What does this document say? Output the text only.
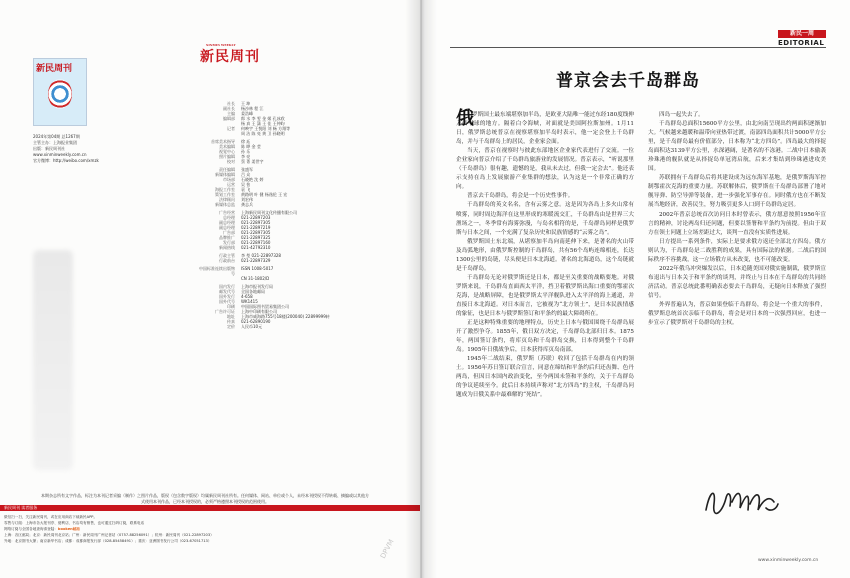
新民周刊
2024年第04期 总1267期
主管主办：上海报业集团
出版：新民周刊社
www.xinminweekly.com.cn
官方微博：http://weibo.com/xmzk
XINMIN WEEKLY
新民周刊
社长 王 坤
副社长 杨沙林 程 江
主编 姜浩峰
编辑部 郎 水 李 雯 金 姬 孔冰欣
杨 真 王 潇 王 佳 王仲昀
记者 何映宇 王悦阳 刘 畅 方翔等
周 洁 陈 亮 黄 卫 孙晓明
首席美术指导 徐 珏
美术编辑 陈 晔 金 莹
视觉中心 孙 乐
照片编辑 李 亮
校对 蔡 菁 姜世宇
责任编辑 张盛军
新媒体编辑 吕 众
市场部 石晓艳 沈 婷
运营 吴 怡
海报工作室 袁 飞
策划工作室 黄路明 叶 健 杨逸伦 王 宏
法律顾问 刘宏伟
新媒体总监 龚志兵
广告经营 上海新民周刊文化传播有限公司
总经理 021-22897203
副总经理 021-22897305
副总经理 021-22897219
广告部 021-22897305
品牌推广 021-22897325
发行部 021-22897160
新闻热线 021-42792310
行政主管 李 堃 021-22897328
行政前台 021-22897329
中国标准连续出版物号
ISSN 1008-5017
CN 31-1802/D
国内发行 上海市报刊发行局
邮发代号 全国各地邮局
国外发行 4-658
国外代号 WK1415
印刷 中国国际图书贸易集团公司
广告许可证 上海中印刷有限公司
地址 上海市威海路755号18楼(200040) 22899999转
传真 021-62890190
定价 人民币10元
本期杂志所有文字作品，标注为本刊记者采编（制作）之图片作品，版权（包含数字版权）均属新民周刊社所有。任何媒体、网站、单位或个人，未经本刊授权不得转载、摘编或以其他方式使用本刊作品，已经本刊授权的，必须严格遵照本刊授权的范围使用。
新民周刊 读者服务
微信扫一扫，关注新民周刊，或在应用商店下载新民APP。
零售与订阅：上海市各大报刊亭、便利店、书店均有销售，也可通过扫码订阅，联系电话
网络订阅与全国各地查询请登陆：booken邮局
上海：各区邮局；北京：新民周刊北京站；广州：新民周刊广州记者站（0757-88256091）；杭州：新民周刊（021-22897203）
外地：北京图书大厦；南京新华书店；成都：成都商报发行部（028-85458491）；重庆：亚洲图书发行公司（023-67051713）	DPVM
新民一周
EDITORIAL
普京会去千岛群岛
俄

罗斯国土最东端堪察加半岛，是欧亚大陆唯一能过东经180度线伸入西半球的地方。隔着白令海峡，对面就是美国阿拉斯加州。1月11日，俄罗斯总统普京在视察堪察加半岛时表示，他一定会登上千岛群岛，并与千岛群岛上的居民，企业家会面。

当天，普京在视察时与彼此东部地区企业家代表进行了交流。一位企业家向普京介绍了千岛群岛旅游业的发展情况。普京表示，“听说那里（千岛群岛）很有趣，遗憾的是，我从未去过，但我一定会去”。他还表示支持在岛上发展旅游产业集群的想法，认为这是一个非常正确的方向。

普京去千岛群岛，将会是一个历史性事件。

千岛群岛的英文名名，含有云雾之意。这是因为各岛上多火山常有喷雾，同时周边海洋在这里形成的寒暖流交汇，千岛群岛由是世界三大渔场之一，冬季常有海雾弥漫，与岛名相符的是，千岛群岛同样是俄罗斯与日本之间，一个充满了复杂历史和民族情感的“云雾之岛”。

俄罗斯国土东北端，从堪察加半岛向南延伸下来，是著名的火山带及岛弧地形，由俄罗斯控制的千岛群岛，共有56个岛屿连绵相连，长达1300公里的岛链，尽头便是日本北海道。著名的北海道岛，这个岛链就是千岛群岛。

千岛群岛无论对俄罗斯还是日本，都是至关重要的战略要地。对俄罗斯来说，千岛群岛直面西太平洋，挡卫着俄罗斯出海口重要的鄂霍次克海，是战略屏障，也是俄罗斯太平洋舰队进入太平洋的海上通道，并直接日本北海道。对日本而言，它被视为“北方领土”，是日本民族情感的象征，也是日本与俄罗斯签订和平条约的最大障碍所在。

正是这种特殊重要的地理特点，历史上日本与俄国围绕千岛群岛展开了激烈争夺。1855年，俄日双方决定，千岛群岛北部归日本。1875年，两国签订条约，将库页岛和千岛群岛交换，日本得到整个千岛群岛。1905年日俄战争后，日本获得库页岛南部。

1945年二战结束，俄罗斯（苏联）收回了包括千岛群岛在内的领土。1956年苏日签订联合宣言，同意在缔结和平条约后归还齿舞、色丹两岛，但因日本国内政治变化，至今两国未签和平条约，关于千岛群岛的争议延续至今。此后日本持续声称对“北方四岛”的主权，千岛群岛问题成为日俄关系中最难解的“死结”。

四岛一起失去了。

千岛群岛总面积15600平方公里，由北向南呈现出约两面积逐渐加大。气候越来越暖和温带向亚热带过渡，南部四岛面积共计5000平方公里，是千岛群岛最有价值部分，日本称为“北方四岛”。四岛最大的择捉岛面积达3139平方公里，水深港阔，是著名的不冻港。二战中日本偷袭珍珠港的舰队就是从择捉岛单冠湾启航，后来才集结到珍珠港进攻美国。

苏联拥有千岛群岛后将其建设成为远东海军基地，是俄罗斯海军控制鄂霍次克海的重要力量。苏联解体后，俄罗斯在千岛群岛部署了地对舰导弹、防空导弹等装备，进一步强化军事存在。同时俄方也在不断发展当地经济，改善民生，努力吸引更多人口到千岛群岛定居。

2002年普京总统首次访问日本时曾表示，俄方愿意按照1956年宣言的精神，讨论两岛归还问题，但要以签署和平条约为前提。但由于双方在领土问题上立场差距过大，谈判一直没有实质性进展。

日方提出一系列条件，实际上是要求俄方返还全部北方四岛。俄方则认为，千岛群岛是二战胜利的成果，具有国际法的依据。二战后的国际秩序不容挑战，这一立场俄方从未改变，也不可能改变。

2022年俄乌冲突爆发以后，日本追随美国对俄实施制裁，俄罗斯宣布退出与日本关于和平条约的谈判，并终止与日本在千岛群岛的共同经济活动。普京总统此番明确表态要去千岛群岛，无疑向日本释放了强烈信号。

外界普遍认为，普京如果登临千岛群岛，将会是一个重大的事件，俄罗斯总统首次亲临千岛群岛，将会是对日本的一次强烈回应，也进一步宣示了俄罗斯对千岛群岛的主权。

www.xinminweekly.com.cn
